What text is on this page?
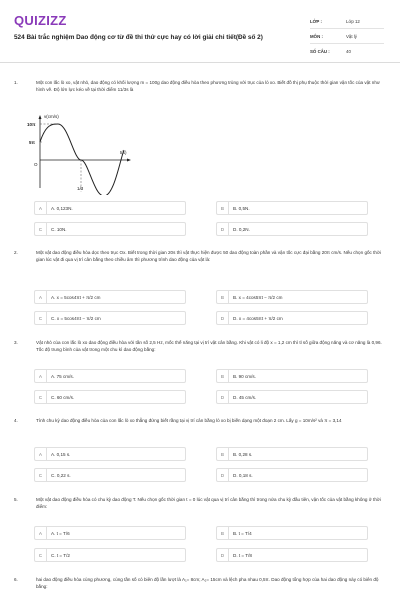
QUIZIZZ
524 Bài trắc nghiệm Dao động cơ từ đề thi thử cực hay có lời giải chi tiết(Đề số 2)
LỚP :	Lớp 12
MÔN :	Vật lý
SỐ CÂU :	40
1.	Một con lắc lò xo, vật nhỏ, dao động có khối lượng m = 100g dao động điều hòa theo phương trùng với trục của lò xo. Biết đồ thị phụ thuộc thời gian vận tốc của vật như hình vẽ. Độ lớn lực kéo về tại thời điểm 11/3s là
v(cm/s)
t(s)
10π
5π
O
1/3
A	A. 0,123N.	B	B. 0,5N.
C	C. 10N.	D	D. 0,2N.
2.	Một vật dao động điều hòa dọc theo trục Ox. Biết trong thời gian 20s thì vật thực hiện được 50 dao động toàn phần và vận tốc cực đại bằng 20π cm/s. Nếu chọn gốc thời gian lúc vật đi qua vị trí cân bằng theo chiều âm thì phương trình dao động của vật là:
A	A. x = 5cos4πt + π/2 cm	B	B. x = 4cos5πt − π/2 cm
C	C. x = 5cos4πt − π/2 cm	D	D. x = 4cos5πt + π/2 cm
3.	Vật nhỏ của con lắc lò xo dao động điều hòa với tần số 2,5 Hz, mốc thế năng tại vị trí vật cân bằng. Khi vật có li độ x = 1,2 cm thì tỉ số giữa động năng và cơ năng là 0,96. Tốc độ trung bình của vật trong một chu kì dao động bằng:
A	A. 75 cm/s.	B	B. 90 cm/s.
C	C. 60 cm/s.	D	D. 45 cm/s.
4.	Tính chu kỳ dao động điều hòa của con lắc lò xo thẳng đứng biết rằng tại vị trí cân bằng lò xo bị biến dạng một đoạn 2 cm. Lấy g = 10m/s² và π = 3,14
A	A. 0,15 s.	B	B. 0,28 s.
C	C. 0,22 s.	D	D. 0,18 s.
5.	Một vật dao động điều hòa có chu kỳ dao động T. Nếu chọn gốc thời gian t = 0 lúc vật qua vị trí cân bằng thì trong nửa chu kỳ đầu tiên, vận tốc của vật bằng không ở thời điểm:
A	A. t = T/6	B	B. t = T/4
C	C. t = T/2	D	D. t = T/8
6.	hai dao động điều hòa cùng phương, cùng tần số có biên độ lần lượt là A₁= 8cm; A₂= 15cm và lệch pha nhau 0,5π. Dao động tổng hợp của hai dao động này có biên độ bằng:
